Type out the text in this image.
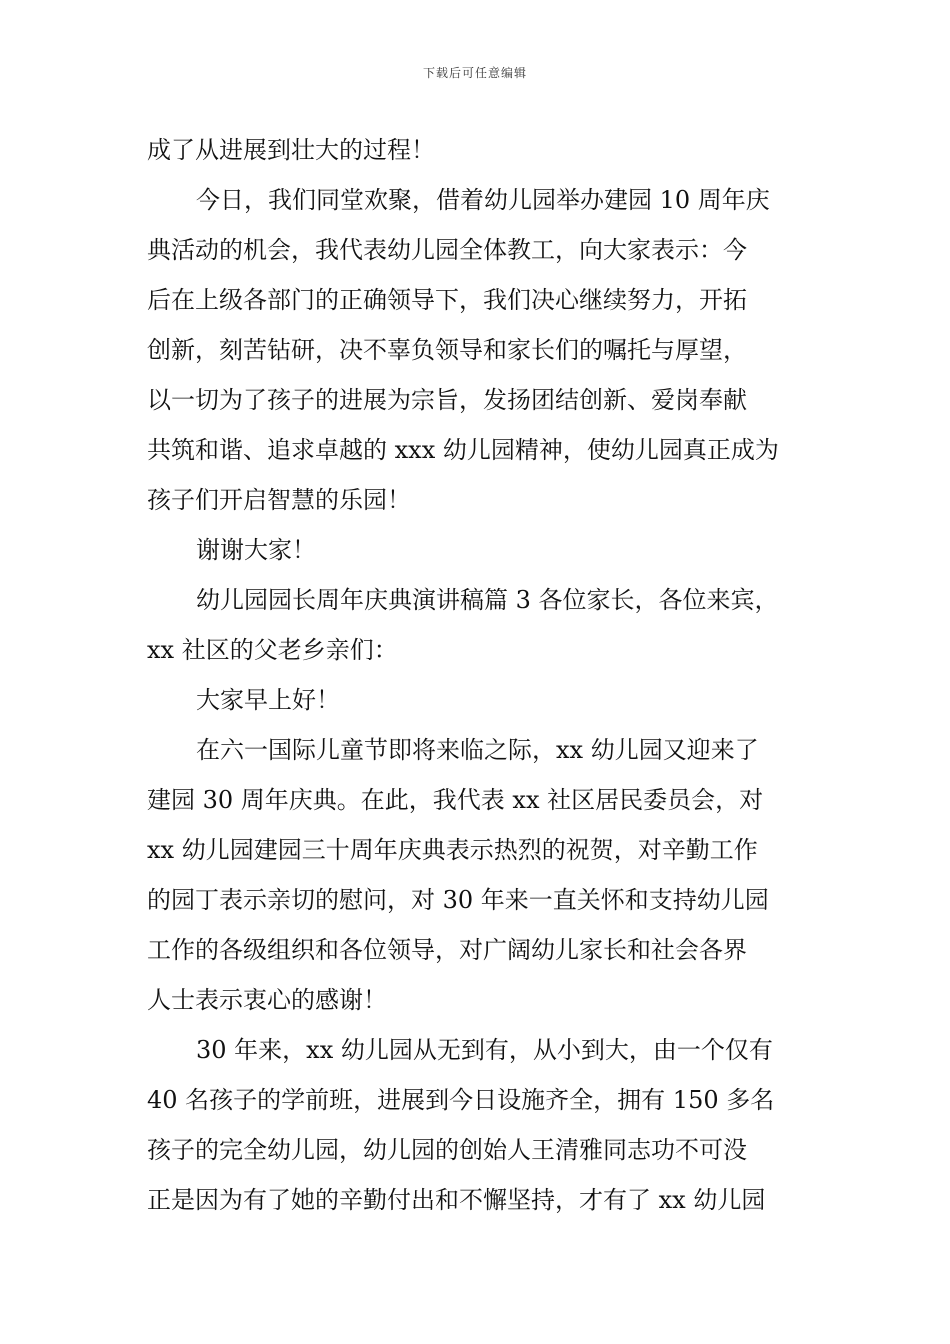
下载后可任意编辑
成了从进展到壮大的过程！
今日，我们同堂欢聚，借着幼儿园举办建园 10 周年庆
典活动的机会，我代表幼儿园全体教工，向大家表示：今
后在上级各部门的正确领导下，我们决心继续努力，开拓
创新，刻苦钻研，决不辜负领导和家长们的嘱托与厚望，
以一切为了孩子的进展为宗旨，发扬团结创新、爱岗奉献
共筑和谐、追求卓越的 xxx 幼儿园精神，使幼儿园真正成为
孩子们开启智慧的乐园！
谢谢大家！
幼儿园园长周年庆典演讲稿篇 3 各位家长，各位来宾，
xx 社区的父老乡亲们：
大家早上好！
在六一国际儿童节即将来临之际，xx 幼儿园又迎来了
建园 30 周年庆典。在此，我代表 xx 社区居民委员会，对
xx 幼儿园建园三十周年庆典表示热烈的祝贺，对辛勤工作
的园丁表示亲切的慰问，对 30 年来一直关怀和支持幼儿园
工作的各级组织和各位领导，对广阔幼儿家长和社会各界
人士表示衷心的感谢！
30 年来，xx 幼儿园从无到有，从小到大，由一个仅有
40 名孩子的学前班，进展到今日设施齐全，拥有 150 多名
孩子的完全幼儿园，幼儿园的创始人王清雅同志功不可没
正是因为有了她的辛勤付出和不懈坚持，才有了 xx 幼儿园
